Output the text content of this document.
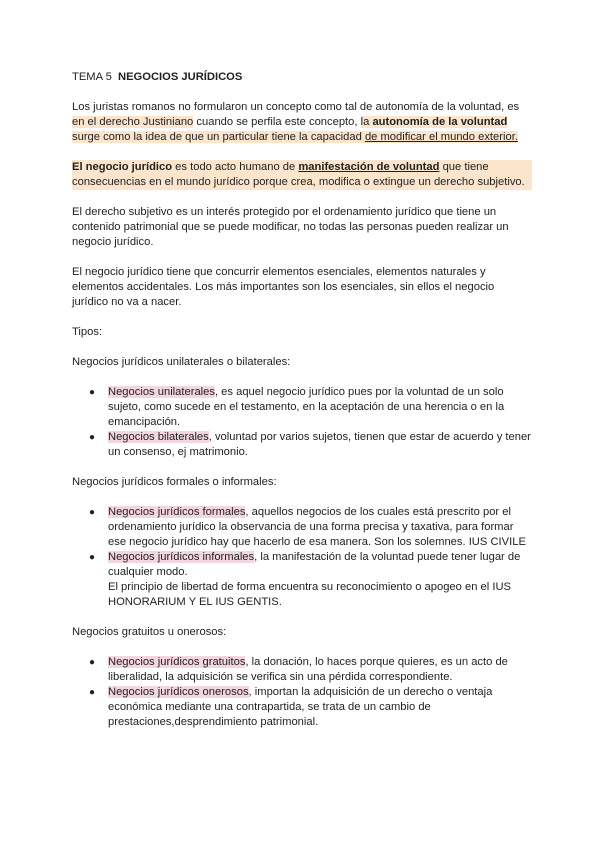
TEMA 5 NEGOCIOS JURÍDICOS

Los juristas romanos no formularon un concepto como tal de autonomía de la voluntad, es en el derecho Justiniano cuando se perfila este concepto, la autonomía de la voluntad surge como la idea de que un particular tiene la capacidad de modificar el mundo exterior.

El negocio jurídico es todo acto humano de manifestación de voluntad que tiene consecuencias en el mundo jurídico porque crea, modifica o extingue un derecho subjetivo.

El derecho subjetivo es un interés protegido por el ordenamiento jurídico que tiene un contenido patrimonial que se puede modificar, no todas las personas pueden realizar un negocio jurídico.

El negocio jurídico tiene que concurrir elementos esenciales, elementos naturales y elementos accidentales. Los más importantes son los esenciales, sin ellos el negocio jurídico no va a nacer.

Tipos:

Negocios jurídicos unilaterales o bilaterales:

● Negocios unilaterales, es aquel negocio jurídico pues por la voluntad de un solo sujeto, como sucede en el testamento, en la aceptación de una herencia o en la emancipación.
● Negocios bilaterales, voluntad por varios sujetos, tienen que estar de acuerdo y tener un consenso, ej matrimonio.

Negocios jurídicos formales o informales:

● Negocios jurídicos formales, aquellos negocios de los cuales está prescrito por el ordenamiento jurídico la observancia de una forma precisa y taxativa, para formar ese negocio jurídico hay que hacerlo de esa manera. Son los solemnes. IUS CIVILE
● Negocios jurídicos informales, la manifestación de la voluntad puede tener lugar de cualquier modo.
El principio de libertad de forma encuentra su reconocimiento o apogeo en el IUS HONORARIUM Y EL IUS GENTIS.

Negocios gratuitos u onerosos:

● Negocios jurídicos gratuitos, la donación, lo haces porque quieres, es un acto de liberalidad, la adquisición se verifica sin una pérdida correspondiente.
● Negocios jurídicos onerosos, importan la adquisición de un derecho o ventaja económica mediante una contrapartida, se trata de un cambio de prestaciones,desprendimiento patrimonial.
